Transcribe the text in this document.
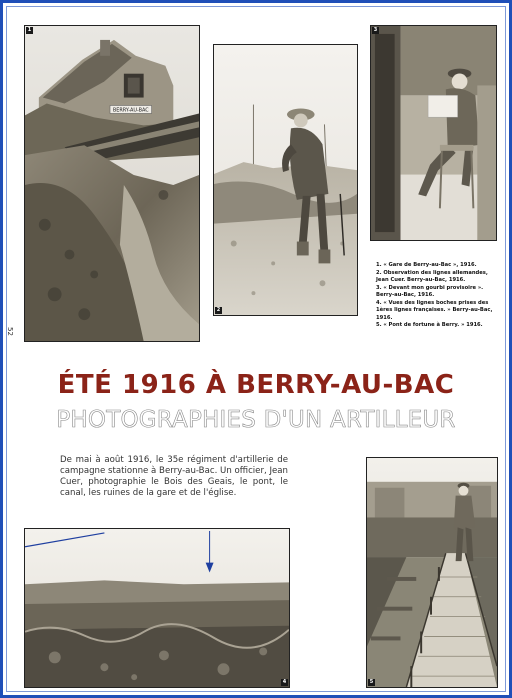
BERRY-AU-BAC
1
2
3
52
1. « Gare de Berry-au-Bac », 1916.
2. Observation des lignes allemandes, Jean Cuer. Berry-au-Bac, 1916.
3. « Devant mon gourbi provisoire ». Berry-au-Bac, 1916.
4. « Vues des lignes boches prises des 1ères lignes françaises. » Berry-au-Bac, 1916.
5. « Pont de fortune à Berry. » 1916.
ÉTÉ 1916 À BERRY-AU-BAC
PHOTOGRAPHIES D'UN ARTILLEUR
De mai à août 1916, le 35e régiment d'artillerie de campagne stationne à Berry-au-Bac. Un officier, Jean Cuer, photographie le Bois des Geais, le pont, le canal, les ruines de la gare et de l'église.
4	5
